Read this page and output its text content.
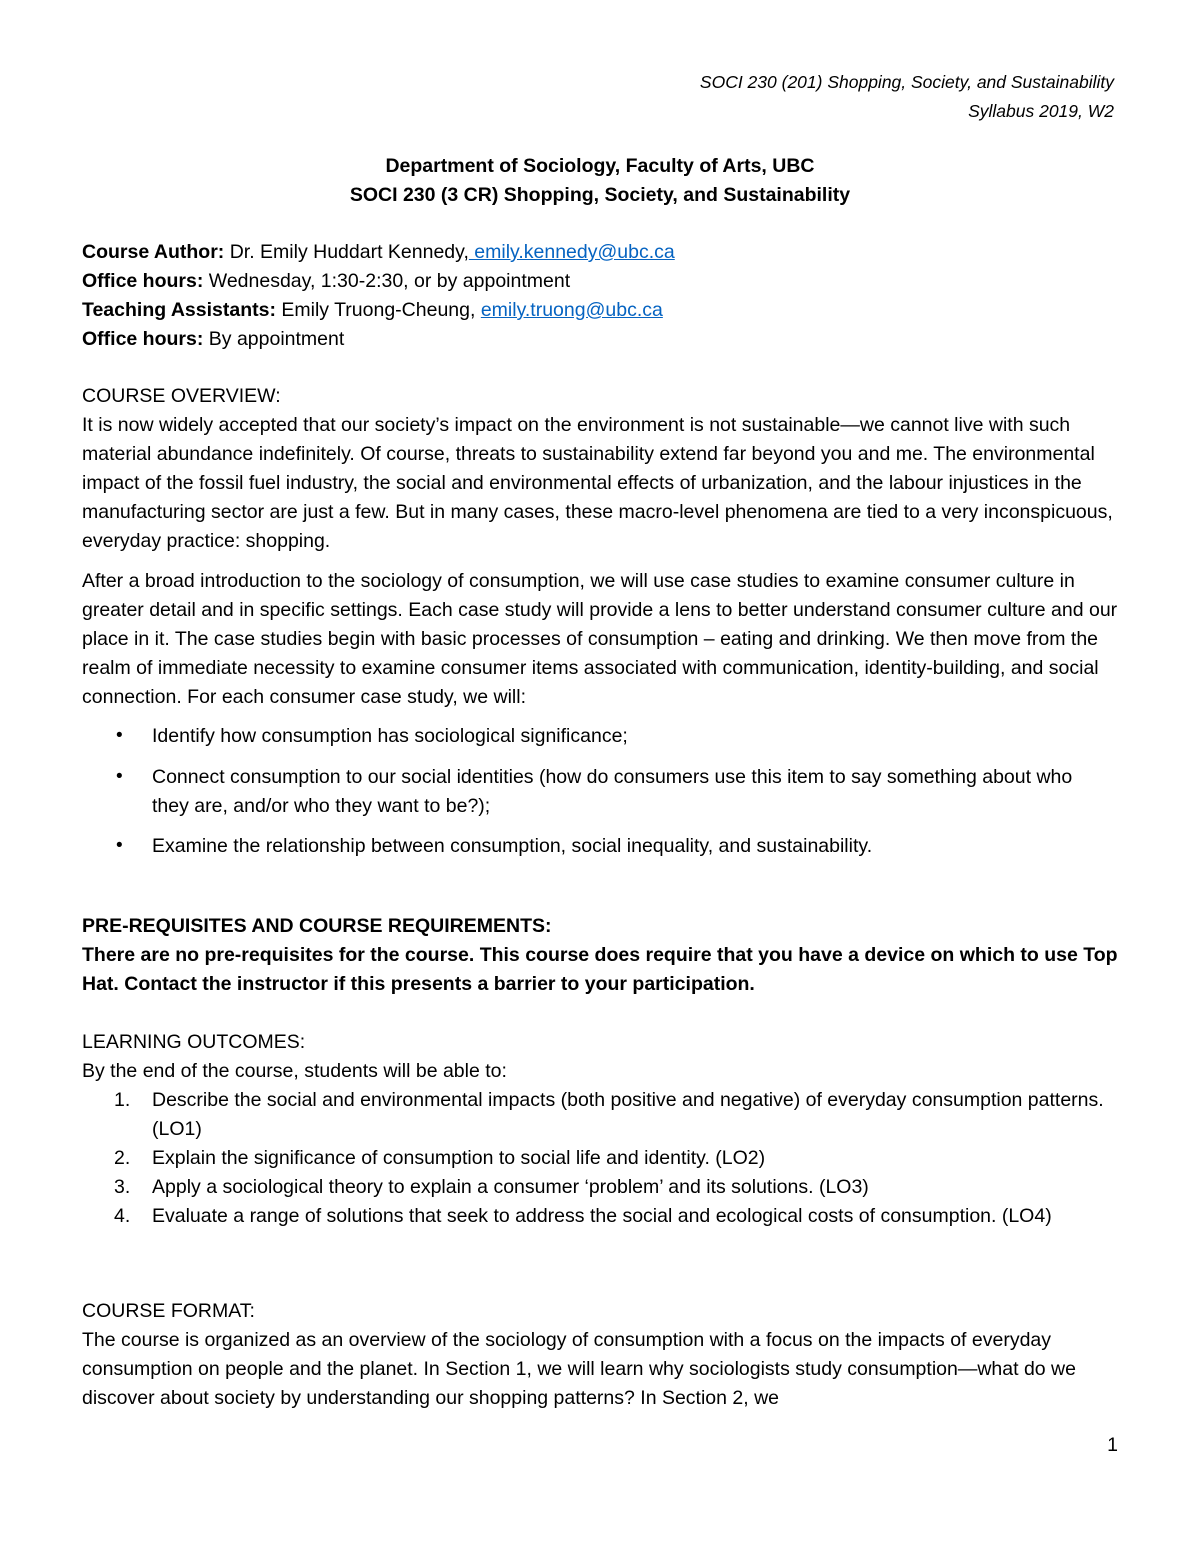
SOCI 230 (201) Shopping, Society, and Sustainability
Syllabus 2019, W2
Department of Sociology, Faculty of Arts, UBC
SOCI 230 (3 CR) Shopping, Society, and Sustainability
Course Author: Dr. Emily Huddart Kennedy, emily.kennedy@ubc.ca
Office hours: Wednesday, 1:30-2:30, or by appointment
Teaching Assistants: Emily Truong-Cheung, emily.truong@ubc.ca
Office hours: By appointment
COURSE OVERVIEW:
It is now widely accepted that our society’s impact on the environment is not sustainable—we cannot live with such material abundance indefinitely. Of course, threats to sustainability extend far beyond you and me. The environmental impact of the fossil fuel industry, the social and environmental effects of urbanization, and the labour injustices in the manufacturing sector are just a few. But in many cases, these macro-level phenomena are tied to a very inconspicuous, everyday practice: shopping.
After a broad introduction to the sociology of consumption, we will use case studies to examine consumer culture in greater detail and in specific settings. Each case study will provide a lens to better understand consumer culture and our place in it. The case studies begin with basic processes of consumption – eating and drinking. We then move from the realm of immediate necessity to examine consumer items associated with communication, identity-building, and social connection. For each consumer case study, we will:
• Identify how consumption has sociological significance;
• Connect consumption to our social identities (how do consumers use this item to say something about who they are, and/or who they want to be?);
• Examine the relationship between consumption, social inequality, and sustainability.
PRE-REQUISITES AND COURSE REQUIREMENTS:
There are no pre-requisites for the course. This course does require that you have a device on which to use Top Hat. Contact the instructor if this presents a barrier to your participation.
LEARNING OUTCOMES:
By the end of the course, students will be able to:
1. Describe the social and environmental impacts (both positive and negative) of everyday consumption patterns. (LO1)
2. Explain the significance of consumption to social life and identity. (LO2)
3. Apply a sociological theory to explain a consumer ‘problem’ and its solutions. (LO3)
4. Evaluate a range of solutions that seek to address the social and ecological costs of consumption. (LO4)
COURSE FORMAT:
The course is organized as an overview of the sociology of consumption with a focus on the impacts of everyday consumption on people and the planet. In Section 1, we will learn why sociologists study consumption—what do we discover about society by understanding our shopping patterns? In Section 2, we
1
